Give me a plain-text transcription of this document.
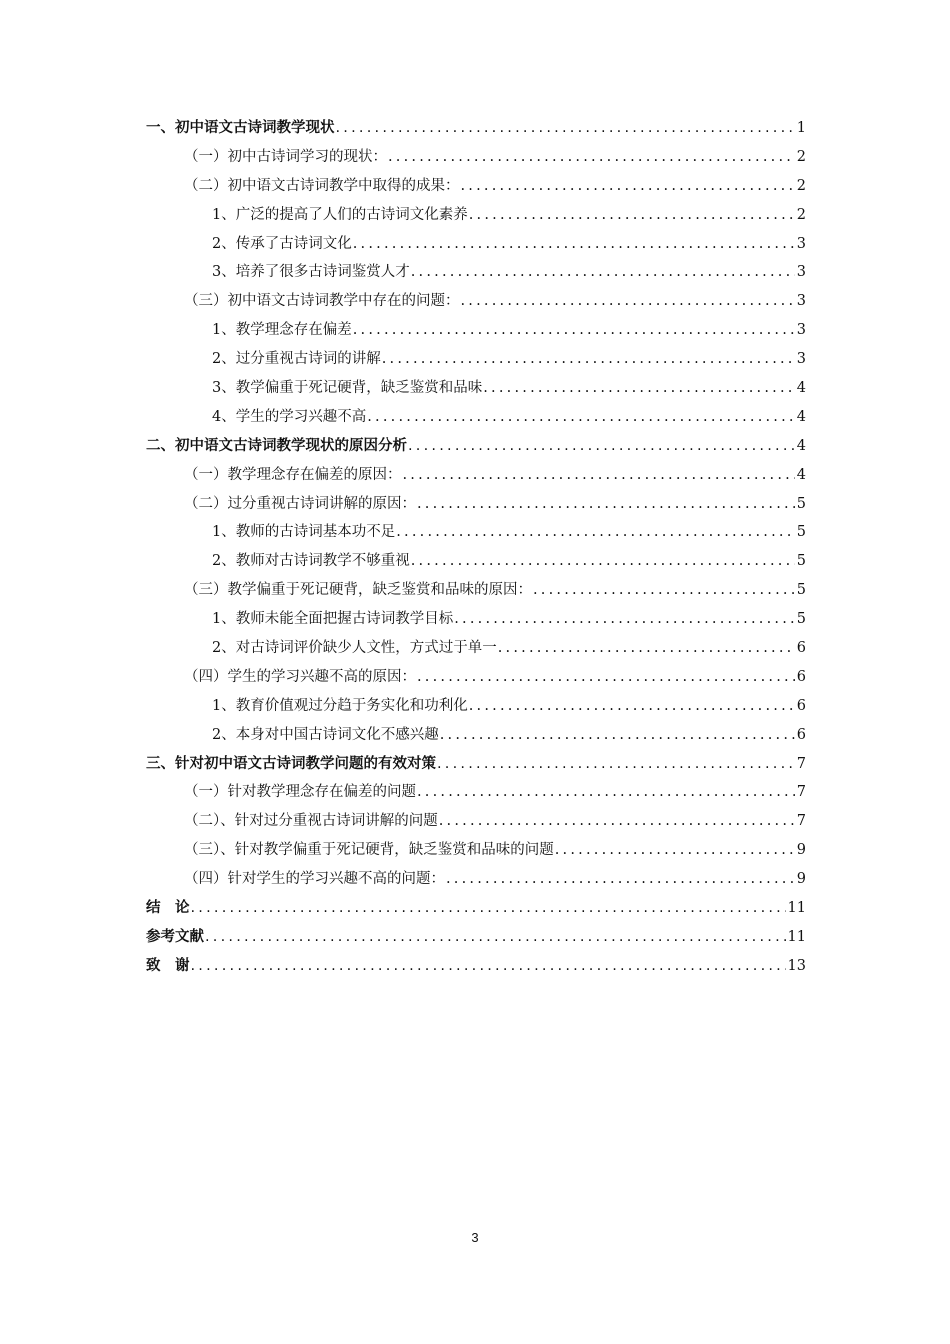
一、初中语文古诗词教学现状 .....	1
（一）初中古诗词学习的现状： .....	2
（二）初中语文古诗词教学中取得的成果： .....	2
1、广泛的提高了人们的古诗词文化素养 .....	2
2、传承了古诗词文化 .....	3
3、培养了很多古诗词鉴赏人才 .....	3
（三）初中语文古诗词教学中存在的问题： .....	3
1、教学理念存在偏差 .....	3
2、过分重视古诗词的讲解 .....	3
3、教学偏重于死记硬背，缺乏鉴赏和品味 .....	4
4、学生的学习兴趣不高 .....	4
二、初中语文古诗词教学现状的原因分析 .....	4
（一）教学理念存在偏差的原因： .....	4
（二）过分重视古诗词讲解的原因： .....	5
1、教师的古诗词基本功不足 .....	5
2、教师对古诗词教学不够重视 .....	5
（三）教学偏重于死记硬背，缺乏鉴赏和品味的原因： .....	5
1、教师未能全面把握古诗词教学目标 .....	5
2、对古诗词评价缺少人文性，方式过于单一 .....	6
（四）学生的学习兴趣不高的原因： .....	6
1、教育价值观过分趋于务实化和功利化 .....	6
2、本身对中国古诗词文化不感兴趣 .....	6
三、针对初中语文古诗词教学问题的有效对策 .....	7
（一）针对教学理念存在偏差的问题 .....	7
（二）、针对过分重视古诗词讲解的问题 .....	7
（三）、针对教学偏重于死记硬背，缺乏鉴赏和品味的问题 .....	9
（四）针对学生的学习兴趣不高的问题： .....	9
结　论 .....	11
参考文献 .....	11
致　谢 .....	13
3
